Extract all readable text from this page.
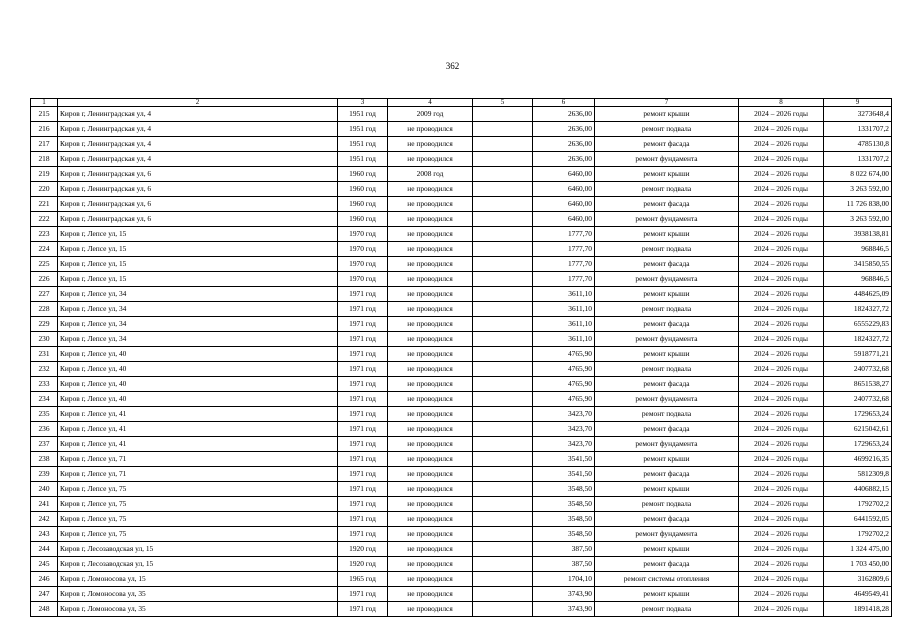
362
1	2	3	4	5	6	7	8	9
215	Киров г, Ленинградская ул, 4	1951 год	2009 год		2636,00	ремонт крыши	2024 – 2026 годы	3273648,4
216	Киров г, Ленинградская ул, 4	1951 год	не проводился		2636,00	ремонт подвала	2024 – 2026 годы	1331707,2
217	Киров г, Ленинградская ул, 4	1951 год	не проводился		2636,00	ремонт фасада	2024 – 2026 годы	4785130,8
218	Киров г, Ленинградская ул, 4	1951 год	не проводился		2636,00	ремонт фундамента	2024 – 2026 годы	1331707,2
219	Киров г, Ленинградская ул, 6	1960 год	2008 год		6460,00	ремонт крыши	2024 – 2026 годы	8 022 674,00
220	Киров г, Ленинградская ул, 6	1960 год	не проводился		6460,00	ремонт подвала	2024 – 2026 годы	3 263 592,00
221	Киров г, Ленинградская ул, 6	1960 год	не проводился		6460,00	ремонт фасада	2024 – 2026 годы	11 726 838,00
222	Киров г, Ленинградская ул, 6	1960 год	не проводился		6460,00	ремонт фундамента	2024 – 2026 годы	3 263 592,00
223	Киров г, Лепсе ул, 15	1970 год	не проводился		1777,70	ремонт крыши	2024 – 2026 годы	3938138,81
224	Киров г, Лепсе ул, 15	1970 год	не проводился		1777,70	ремонт подвала	2024 – 2026 годы	968846,5
225	Киров г, Лепсе ул, 15	1970 год	не проводился		1777,70	ремонт фасада	2024 – 2026 годы	3415850,55
226	Киров г, Лепсе ул, 15	1970 год	не проводился		1777,70	ремонт фундамента	2024 – 2026 годы	968846,5
227	Киров г, Лепсе ул, 34	1971 год	не проводился		3611,10	ремонт крыши	2024 – 2026 годы	4484625,09
228	Киров г, Лепсе ул, 34	1971 год	не проводился		3611,10	ремонт подвала	2024 – 2026 годы	1824327,72
229	Киров г, Лепсе ул, 34	1971 год	не проводился		3611,10	ремонт фасада	2024 – 2026 годы	6555229,83
230	Киров г, Лепсе ул, 34	1971 год	не проводился		3611,10	ремонт фундамента	2024 – 2026 годы	1824327,72
231	Киров г, Лепсе ул, 40	1971 год	не проводился		4765,90	ремонт крыши	2024 – 2026 годы	5918771,21
232	Киров г, Лепсе ул, 40	1971 год	не проводился		4765,90	ремонт подвала	2024 – 2026 годы	2407732,68
233	Киров г, Лепсе ул, 40	1971 год	не проводился		4765,90	ремонт фасада	2024 – 2026 годы	8651538,27
234	Киров г, Лепсе ул, 40	1971 год	не проводился		4765,90	ремонт фундамента	2024 – 2026 годы	2407732,68
235	Киров г. Лепсе ул, 41	1971 год	не проводился		3423,70	ремонт подвала	2024 – 2026 годы	1729653,24
236	Киров г, Лепсе ул, 41	1971 год	не проводился		3423,70	ремонт фасада	2024 – 2026 годы	6215042,61
237	Киров г, Лепсе ул, 41	1971 год	не проводился		3423,70	ремонт фундамента	2024 – 2026 годы	1729653,24
238	Киров г, Лепсе ул, 71	1971 год	не проводился		3541,50	ремонт крыши	2024 – 2026 годы	4699216,35
239	Киров г, Лепсе ул, 71	1971 год	не проводился		3541,50	ремонт фасада	2024 – 2026 годы	5812309,8
240	Киров г, Лепсе ул, 75	1971 год	не проводился		3548,50	ремонт крыши	2024 – 2026 годы	4406882,15
241	Киров г, Лепсе ул, 75	1971 год	не проводился		3548,50	ремонт подвала	2024 – 2026 годы	1792702,2
242	Киров г, Лепсе ул, 75	1971 год	не проводился		3548,50	ремонт фасада	2024 – 2026 годы	6441592,05
243	Киров г, Лепсе ул, 75	1971 год	не проводился		3548,50	ремонт фундамента	2024 – 2026 годы	1792702,2
244	Киров г, Лесозаводская ул, 15	1920 год	не проводился		387,50	ремонт крыши	2024 – 2026 годы	1 324 475,00
245	Киров г, Лесозаводская ул, 15	1920 год	не проводился		387,50	ремонт фасада	2024 – 2026 годы	1 703 450,00
246	Киров г, Ломоносова ул, 15	1965 год	не проводился		1704,10	ремонт системы отопления	2024 – 2026 годы	3162809,6
247	Киров г, Ломоносова ул, 35	1971 год	не проводился		3743,90	ремонт крыши	2024 – 2026 годы	4649549,41
248	Киров г, Ломоносова ул, 35	1971 год	не проводился		3743,90	ремонт подвала	2024 – 2026 годы	1891418,28
